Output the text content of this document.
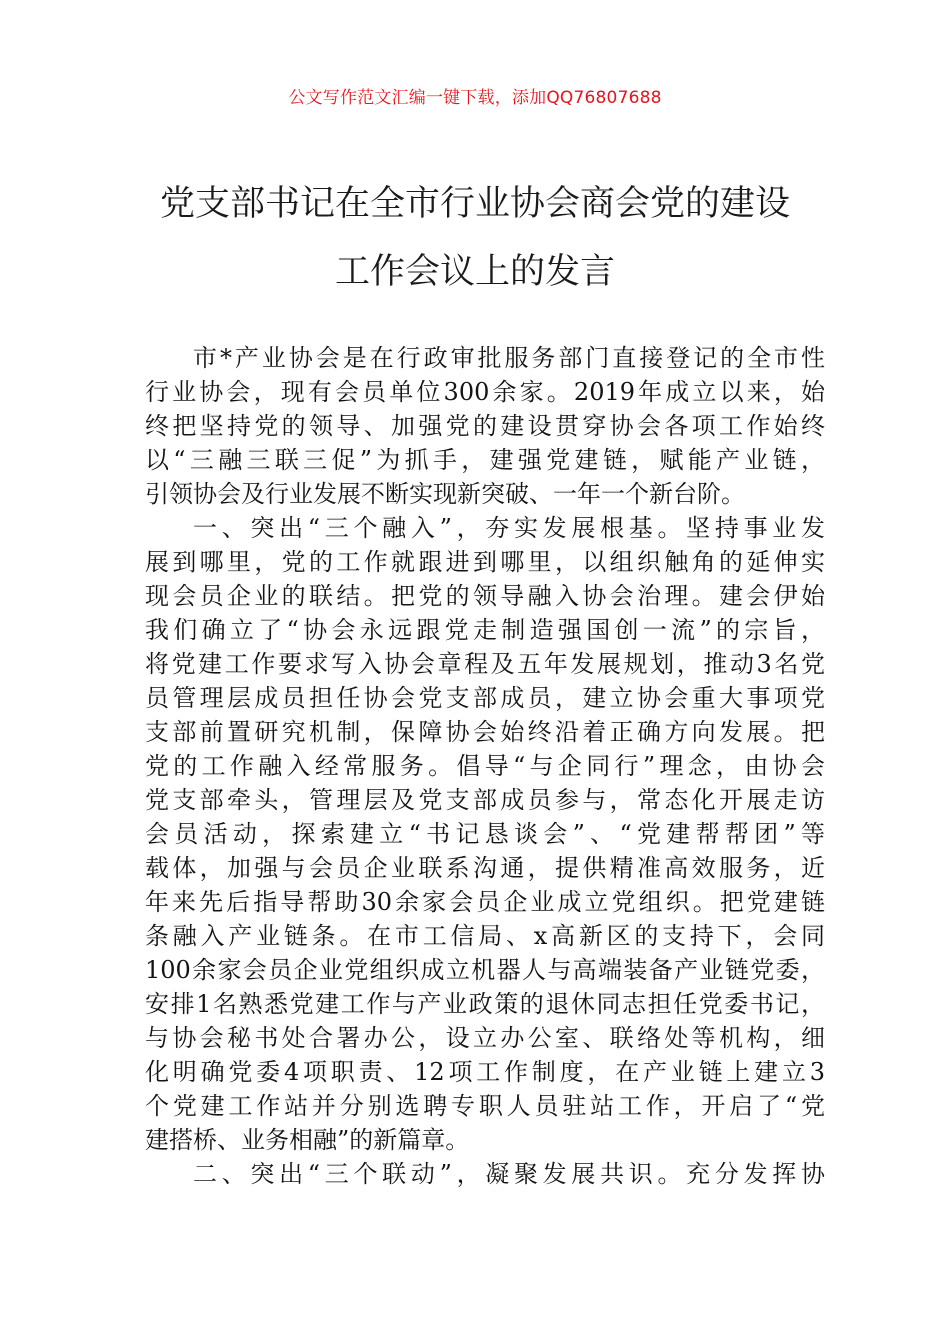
公文写作范文汇编一键下载，添加QQ76807688
党支部书记在全市行业协会商会党的建设
工作会议上的发言
市*产业协会是在行政审批服务部门直接登记的全市性
行业协会，现有会员单位300余家。2019年成立以来，始
终把坚持党的领导、加强党的建设贯穿协会各项工作始终
以“三融三联三促”为抓手，建强党建链，赋能产业链，
引领协会及行业发展不断实现新突破、一年一个新台阶。
一、突出“三个融入”，夯实发展根基。坚持事业发
展到哪里，党的工作就跟进到哪里，以组织触角的延伸实
现会员企业的联结。把党的领导融入协会治理。建会伊始
我们确立了“协会永远跟党走制造强国创一流”的宗旨，
将党建工作要求写入协会章程及五年发展规划，推动3名党
员管理层成员担任协会党支部成员，建立协会重大事项党
支部前置研究机制，保障协会始终沿着正确方向发展。把
党的工作融入经常服务。倡导“与企同行”理念，由协会
党支部牵头，管理层及党支部成员参与，常态化开展走访
会员活动，探索建立“书记恳谈会”、“党建帮帮团”等
载体，加强与会员企业联系沟通，提供精准高效服务，近
年来先后指导帮助30余家会员企业成立党组织。把党建链
条融入产业链条。在市工信局、x高新区的支持下，会同
100余家会员企业党组织成立机器人与高端装备产业链党委，
安排1名熟悉党建工作与产业政策的退休同志担任党委书记，
与协会秘书处合署办公，设立办公室、联络处等机构，细
化明确党委4项职责、12项工作制度，在产业链上建立3
个党建工作站并分别选聘专职人员驻站工作，开启了“党
建搭桥、业务相融”的新篇章。
二、突出“三个联动”，凝聚发展共识。充分发挥协
